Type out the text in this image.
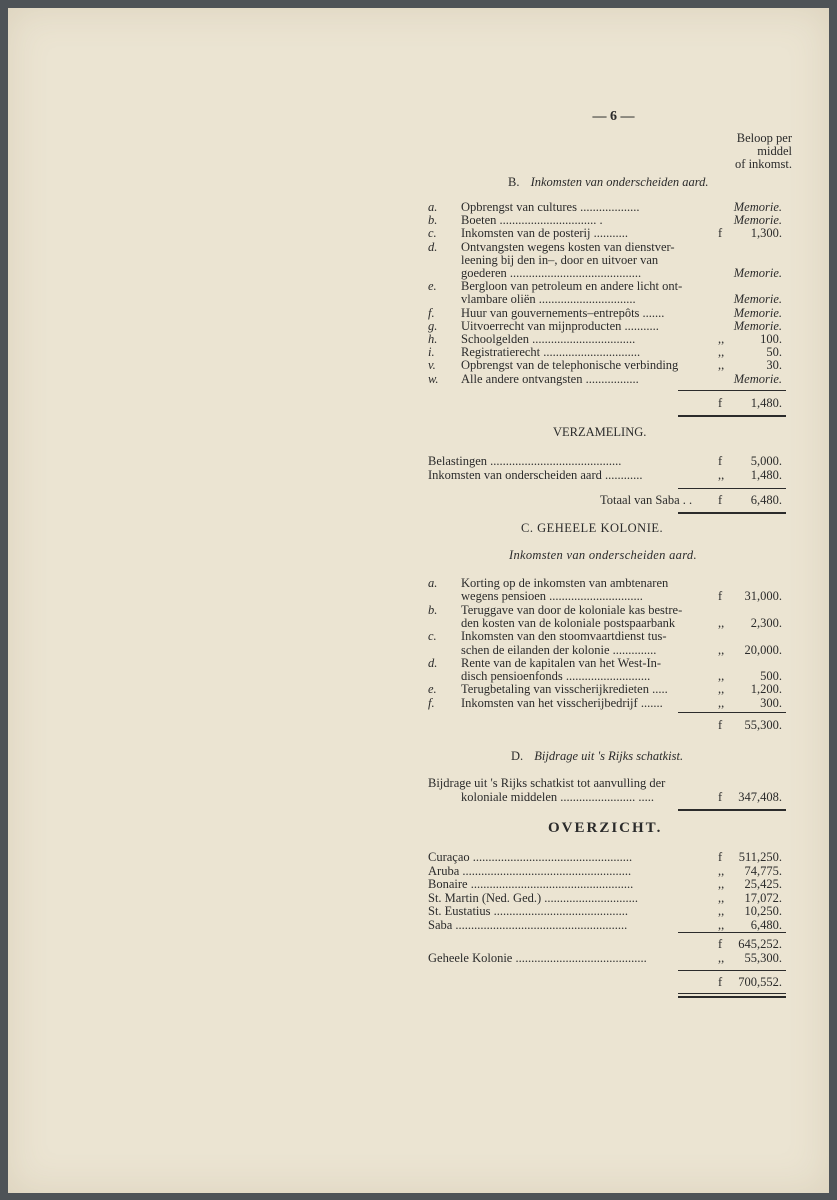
— 6 —
Beloop per
middel
of inkomst.
B. Inkomsten van onderscheiden aard.
a. Opbrengst van cultures ...................	Memorie.
b. Boeten ............................... .	Memorie.
c. Inkomsten van de posterij ...........	f 1,300.
d. Ontvangsten wegens kosten van dienstver-
leening bij den in–, door en uitvoer van
goederen ..........................................	Memorie.
e. Bergloon van petroleum en andere licht ont-
vlambare oliën ...............................	Memorie.
f. Huur van gouvernements–entrepôts .......	Memorie.
g. Uitvoerrecht van mijnproducten ...........	Memorie.
h. Schoolgelden .................................	,,	100.
i. Registratierecht ...............................	,,	50.
v. Opbrengst van de telephonische verbinding	,,	30.
w. Alle andere ontvangsten .................	Memorie.
f 1,480.
VERZAMELING.
Belastingen ..........................................	f 5,000.
Inkomsten van onderscheiden aard ............	,, 1,480.
Totaal van Saba . . f 6,480.
C. GEHEELE KOLONIE.
Inkomsten van onderscheiden aard.
a. Korting op de inkomsten van ambtenaren
wegens pensioen ..............................	f 31,000.
b. Teruggave van door de koloniale kas bestre-
den kosten van de koloniale postspaarbank	,, 2,300.
c. Inkomsten van den stoomvaartdienst tus-
schen de eilanden der kolonie ..............	,, 20,000.
d. Rente van de kapitalen van het West-In-
disch pensioenfonds ...........................	,,	500.
e. Terugbetaling van visscherijkredieten .....	,, 1,200.
f. Inkomsten van het visscherijbedrijf .......	,,	300.
f 55,300.
D. Bijdrage uit 's Rijks schatkist.
Bijdrage uit 's Rijks schatkist tot aanvulling der
koloniale middelen ........................ .....	f 347,408.
OVERZICHT.
Curaçao ...................................................	f 511,250.
Aruba ......................................................	,, 74,775.
Bonaire ....................................................	,, 25,425.
St. Martin (Ned. Ged.) ..............................	,, 17,072.
St. Eustatius ...........................................	,, 10,250.
Saba .......................................................	,, 6,480.
f 645,252.
Geheele Kolonie ..........................................	,, 55,300.
f 700,552.
